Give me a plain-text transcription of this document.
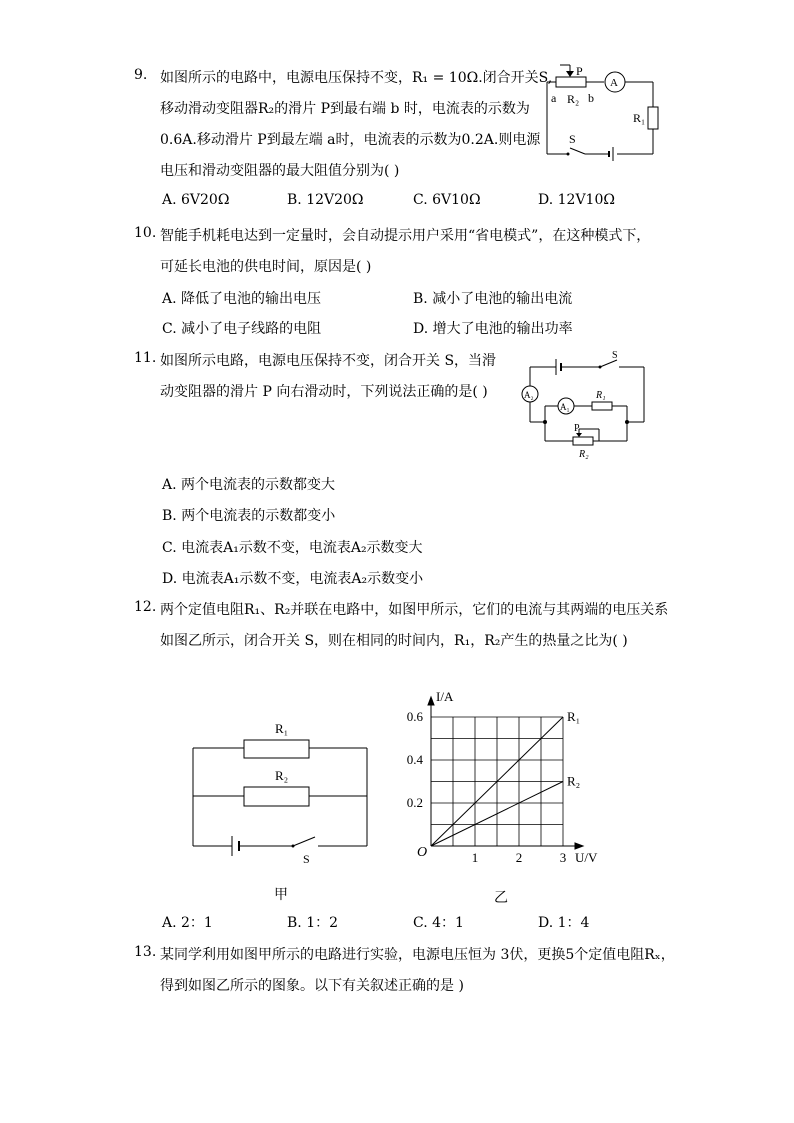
9. 如图所示的电路中，电源电压保持不变，R₁ = 10Ω.闭合开关S,
移动滑动变阻器R₂的滑片 P到最右端 b 时，电流表的示数为
0.6A.移动滑片 P到最左端 a时，电流表的示数为0.2A.则电源
电压和滑动变阻器的最大阻值分别为( )
A. 6V20Ω	B. 12V20Ω	C. 6V10Ω	D. 12V10Ω
P
a R₂ b
A
R₁
S
10. 智能手机耗电达到一定量时，会自动提示用户采用“省电模式”，在这种模式下，
可延长电池的供电时间，原因是( )
A. 降低了电池的输出电压	B. 减小了电池的输出电流
C. 减小了电子线路的电阻	D. 增大了电池的输出功率
11. 如图所示电路，电源电压保持不变，闭合开关 S，当滑
动变阻器的滑片 P 向右滑动时，下列说法正确的是( )
A. 两个电流表的示数都变大
B. 两个电流表的示数都变小
C. 电流表A₁示数不变，电流表A₂示数变大
D. 电流表A₁示数不变，电流表A₂示数变小
S
A₂
A₁
R₁
P
R₂
12. 两个定值电阻R₁、R₂并联在电路中，如图甲所示，它们的电流与其两端的电压关系
如图乙所示，闭合开关 S，则在相同的时间内，R₁，R₂产生的热量之比为( )
R₁
R₂
S
甲
R₁
R₂
1	2	3
0.2
0.4
0.6
I/A
U/V
O
乙
A. 2：1	B. 1：2	C. 4：1	D. 1：4
13. 某同学利用如图甲所示的电路进行实验，电源电压恒为 3伏，更换5个定值电阻Rₓ，
得到如图乙所示的图象。以下有关叙述正确的是 )
